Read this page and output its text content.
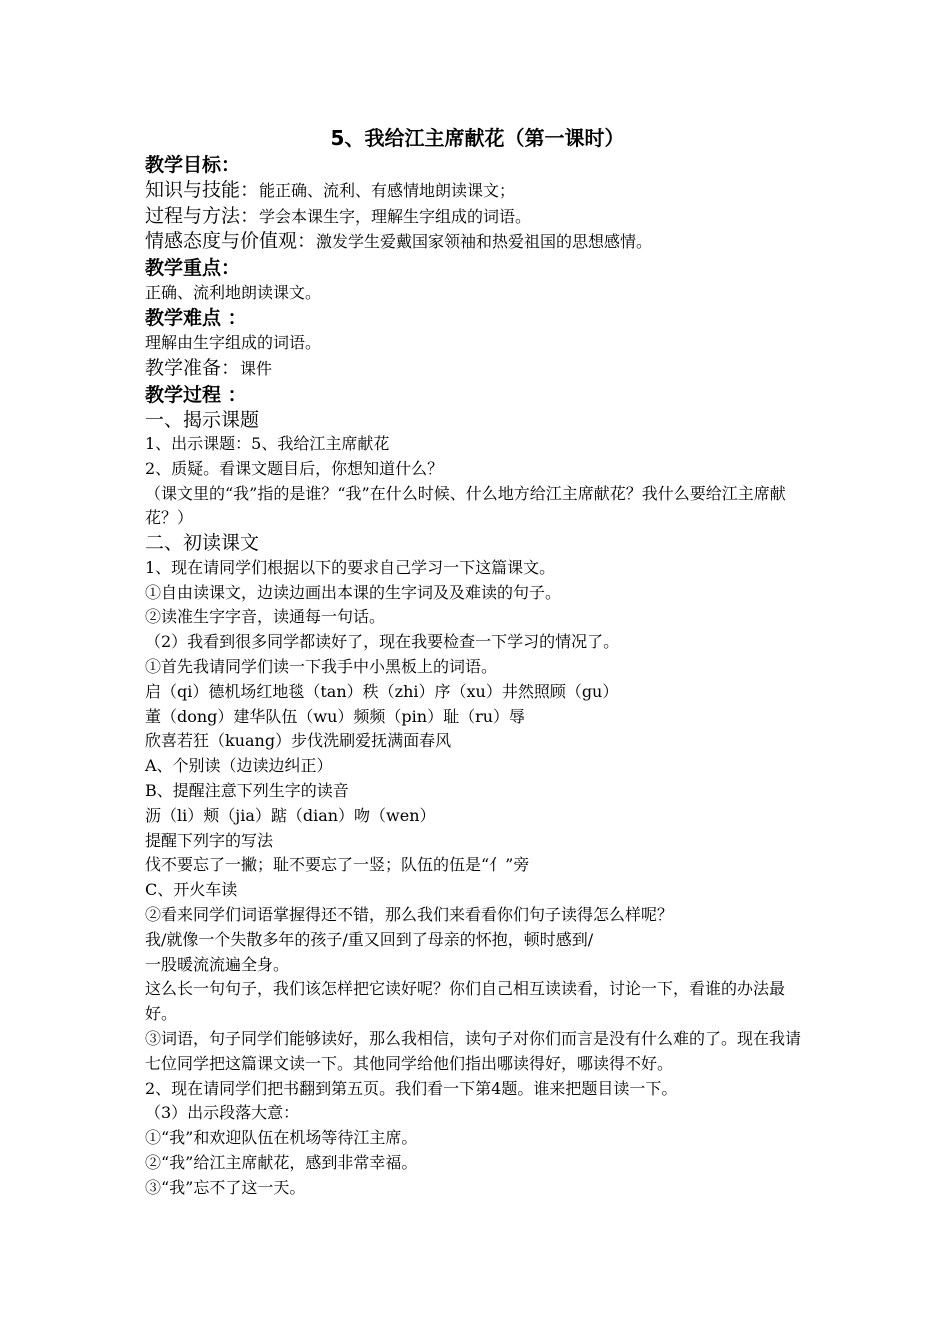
5、我给江主席献花（第一课时）
教学目标：
知识与技能：能正确、流利、有感情地朗读课文；
过程与方法：学会本课生字，理解生字组成的词语。
情感态度与价值观：激发学生爱戴国家领袖和热爱祖国的思想感情。
教学重点：
正确、流利地朗读课文。
教学难点 ：
理解由生字组成的词语。
教学准备：课件
教学过程 ：
一、揭示课题
1、出示课题：5、我给江主席献花
2、质疑。看课文题目后，你想知道什么？
（课文里的“我”指的是谁？“我”在什么时候、什么地方给江主席献花？我什么要给江主席献花？）
二、初读课文
1、现在请同学们根据以下的要求自己学习一下这篇课文。
①自由读课文，边读边画出本课的生字词及及难读的句子。
②读准生字字音，读通每一句话。
（2）我看到很多同学都读好了，现在我要检查一下学习的情况了。
①首先我请同学们读一下我手中小黑板上的词语。
启（qi）德机场红地毯（tan）秩（zhi）序（xu）井然照顾（gu）
董（dong）建华队伍（wu）频频（pin）耻（ru）辱
欣喜若狂（kuang）步伐洗刷爱抚满面春风
A、个别读（边读边纠正）
B、提醒注意下列生字的读音
沥（li）颊（jia）踮（dian）吻（wen）
提醒下列字的写法
伐不要忘了一撇；耻不要忘了一竖；队伍的伍是“亻”旁
C、开火车读
②看来同学们词语掌握得还不错，那么我们来看看你们句子读得怎么样呢？
我/就像一个失散多年的孩子/重又回到了母亲的怀抱，顿时感到/
一股暖流流遍全身。
这么长一句句子，我们该怎样把它读好呢？你们自己相互读读看，讨论一下，看谁的办法最好。
③词语，句子同学们能够读好，那么我相信，读句子对你们而言是没有什么难的了。现在我请七位同学把这篇课文读一下。其他同学给他们指出哪读得好，哪读得不好。
2、现在请同学们把书翻到第五页。我们看一下第4题。谁来把题目读一下。
（3）出示段落大意：
①“我”和欢迎队伍在机场等待江主席。
②“我”给江主席献花，感到非常幸福。
③“我”忘不了这一天。
